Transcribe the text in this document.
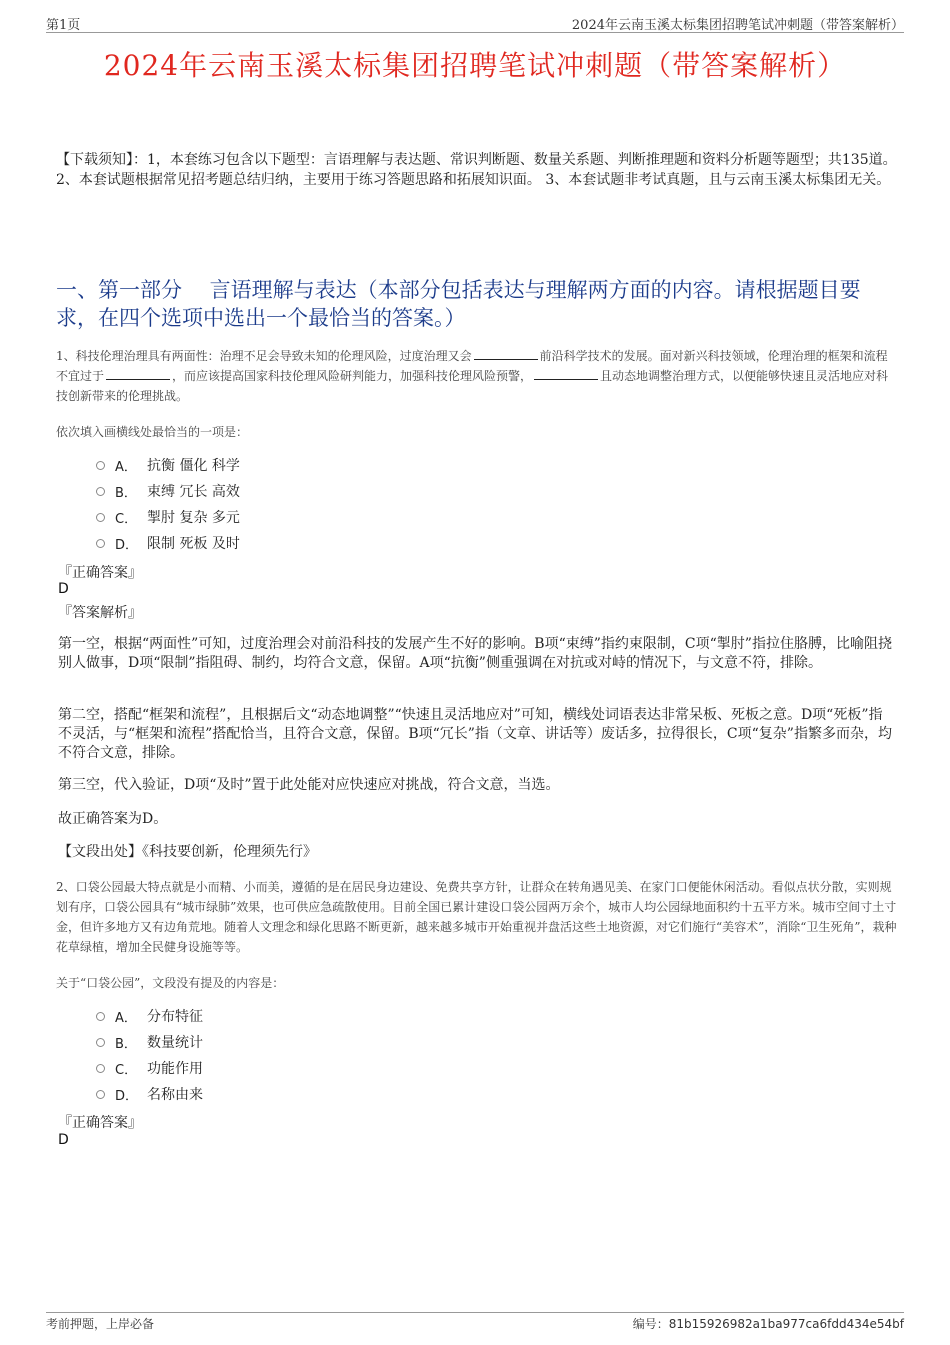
第1页	2024年云南玉溪太标集团招聘笔试冲刺题（带答案解析）
2024年云南玉溪太标集团招聘笔试冲刺题（带答案解析）
【下载须知】：1，本套练习包含以下题型：言语理解与表达题、常识判断题、数量关系题、判断推理题和资料分析题等题型；共135道。 2、本套试题根据常见招考题总结归纳，主要用于练习答题思路和拓展知识面。 3、本套试题非考试真题，且与云南玉溪太标集团无关。
一、第一部分　 言语理解与表达（本部分包括表达与理解两方面的内容。请根据题目要求，在四个选项中选出一个最恰当的答案。）
1、科技伦理治理具有两面性：治理不足会导致未知的伦理风险，过度治理又会	前沿科学技术的发展。面对新兴科技领域，伦理治理的框架和流程不宜过于	，而应该提高国家科技伦理风险研判能力，加强科技伦理风险预警，	且动态地调整治理方式，以便能够快速且灵活地应对科技创新带来的伦理挑战。
依次填入画横线处最恰当的一项是：
A． 抗衡 僵化 科学
B． 束缚 冗长 高效
C． 掣肘 复杂 多元
D． 限制 死板 及时
『正确答案』
D
『答案解析』
第一空，根据“两面性”可知，过度治理会对前沿科技的发展产生不好的影响。B项“束缚”指约束限制，C项“掣肘”指拉住胳膊，比喻阻挠别人做事，D项“限制”指阻碍、制约，均符合文意，保留。A项“抗衡”侧重强调在对抗或对峙的情况下，与文意不符，排除。
第二空，搭配“框架和流程”，且根据后文“动态地调整”“快速且灵活地应对”可知，横线处词语表达非常呆板、死板之意。D项“死板”指不灵活，与“框架和流程”搭配恰当，且符合文意，保留。B项“冗长”指（文章、讲话等）废话多，拉得很长，C项“复杂”指繁多而杂，均不符合文意，排除。
第三空，代入验证，D项“及时”置于此处能对应快速应对挑战，符合文意，当选。
故正确答案为D。
【文段出处】《科技要创新，伦理须先行》
2、口袋公园最大特点就是小而精、小而美，遵循的是在居民身边建设、免费共享方针，让群众在转角遇见美、在家门口便能休闲活动。看似点状分散，实则规划有序，口袋公园具有“城市绿肺”效果，也可供应急疏散使用。目前全国已累计建设口袋公园两万余个，城市人均公园绿地面积约十五平方米。城市空间寸土寸金，但许多地方又有边角荒地。随着人文理念和绿化思路不断更新，越来越多城市开始重视并盘活这些土地资源，对它们施行“美容术”，消除“卫生死角”，栽种花草绿植，增加全民健身设施等等。
关于“口袋公园”，文段没有提及的内容是：
A． 分布特征
B． 数量统计
C． 功能作用
D． 名称由来
『正确答案』
D
考前押题，上岸必备	编号：81b15926982a1ba977ca6fdd434e54bf
